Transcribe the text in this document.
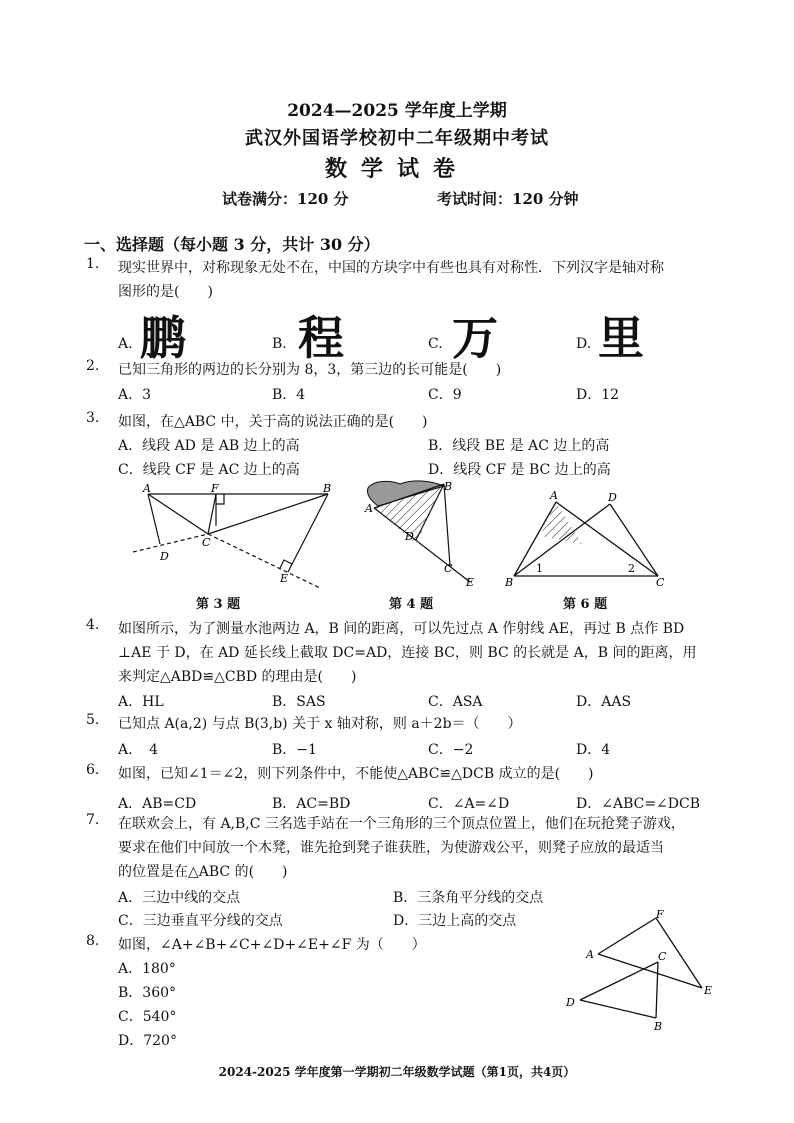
2024—2025 学年度上学期
武汉外国语学校初中二年级期中考试
数学试卷
试卷满分：120 分	考试时间：120 分钟
一、选择题（每小题 3 分，共计 30 分）
1. 现实世界中，对称现象无处不在，中国的方块字中有些也具有对称性．下列汉字是轴对称
图形的是(　　)
A. 鹏	B. 程	C. 万	D. 里
2. 已知三角形的两边的长分别为 8，3，第三边的长可能是(　　)
A．3	B．4	C．9	D．12
3. 如图，在△ABC 中，关于高的说法正确的是(　　)
A．线段 AD 是 AB 边上的高	B．线段 BE 是 AC 边上的高
C．线段 CF 是 AC 边上的高	D．线段 CF 是 BC 边上的高
A	F	B
C
D
E
第 3 题
B
A
D
C
E
第 4 题
A	D
B	C
1	2
第 6 题
4. 如图所示，为了测量水池两边 A，B 间的距离，可以先过点 A 作射线 AE，再过 B 点作 BD
⊥AE 于 D，在 AD 延长线上截取 DC=AD，连接 BC，则 BC 的长就是 A，B 间的距离，用
来判定△ABD≌△CBD 的理由是(　　)
A．HL	B．SAS	C．ASA	D．AAS
5. 已知点 A(a,2) 与点 B(3,b) 关于 x 轴对称，则 a＋2b＝（　　）
A．　4	B．−1	C．−2	D．4
6. 如图，已知∠1＝∠2，则下列条件中，不能使△ABC≌△DCB 成立的是(　　)
A．AB=CD	B．AC=BD	C．∠A=∠D	D．∠ABC=∠DCB
7. 在联欢会上，有 A,B,C 三名选手站在一个三角形的三个顶点位置上，他们在玩抢凳子游戏，
要求在他们中间放一个木凳，谁先抢到凳子谁获胜，为使游戏公平，则凳子应放的最适当
的位置是在△ABC 的(　　)
A．三边中线的交点	B．三条角平分线的交点
C．三边垂直平分线的交点	D．三边上高的交点
8. 如图，∠A+∠B+∠C+∠D+∠E+∠F 为（　　）
A．180°
B．360°
C．540°
D．720°
F
A	C
E
D
B
2024-2025 学年度第一学期初二年级数学试题（第1页，共4页）
